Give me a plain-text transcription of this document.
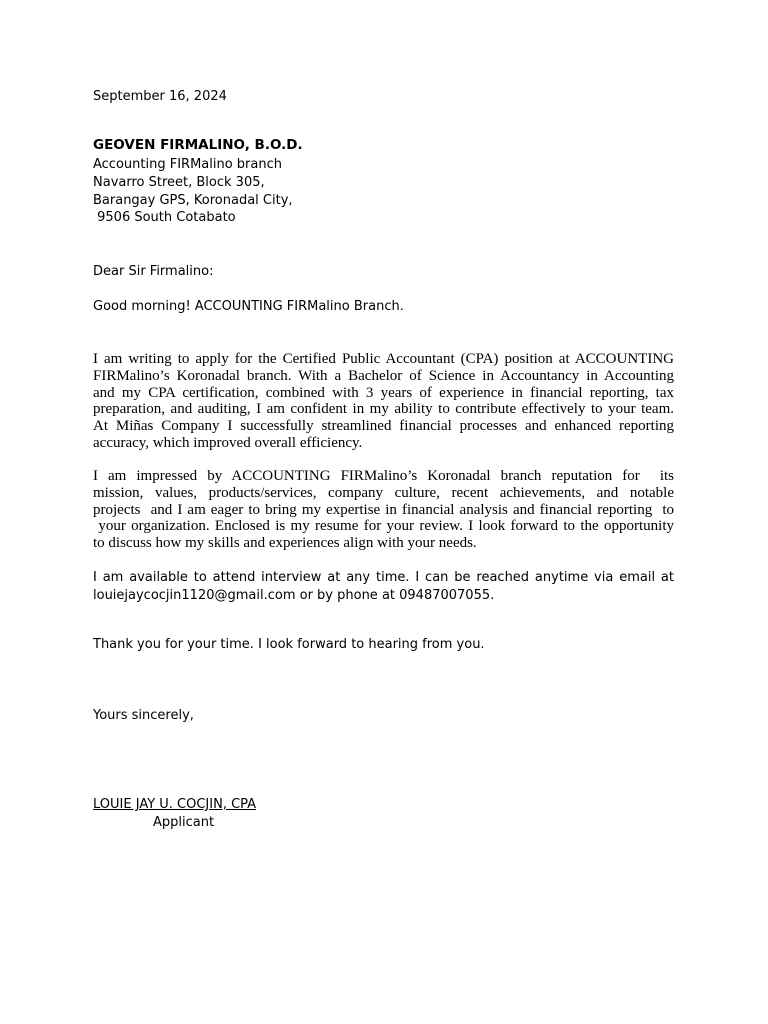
September 16, 2024
GEOVEN FIRMALINO, B.O.D.
Accounting FIRMalino branch
Navarro Street, Block 305,
Barangay GPS, Koronadal City,
9506 South Cotabato
Dear Sir Firmalino:
Good morning! ACCOUNTING FIRMalino Branch.
I am writing to apply for the Certified Public Accountant (CPA) position at ACCOUNTING
FIRMalino’s Koronadal branch. With a Bachelor of Science in Accountancy in Accounting
and my CPA certification, combined with 3 years of experience in financial reporting, tax
preparation, and auditing, I am confident in my ability to contribute effectively to your team.
At Miñas Company I successfully streamlined financial processes and enhanced reporting
accuracy, which improved overall efficiency.
I am impressed by ACCOUNTING FIRMalino’s Koronadal branch reputation for  its
mission, values, products/services, company culture, recent achievements, and notable
projects  and I am eager to bring my expertise in financial analysis and financial reporting  to
your organization. Enclosed is my resume for your review. I look forward to the opportunity
to discuss how my skills and experiences align with your needs.
I am available to attend interview at any time. I can be reached anytime via email at
louiejaycocjin1120@gmail.com or by phone at 09487007055.
Thank you for your time. I look forward to hearing from you.
Yours sincerely,
LOUIE JAY U. COCJIN, CPA
Applicant
